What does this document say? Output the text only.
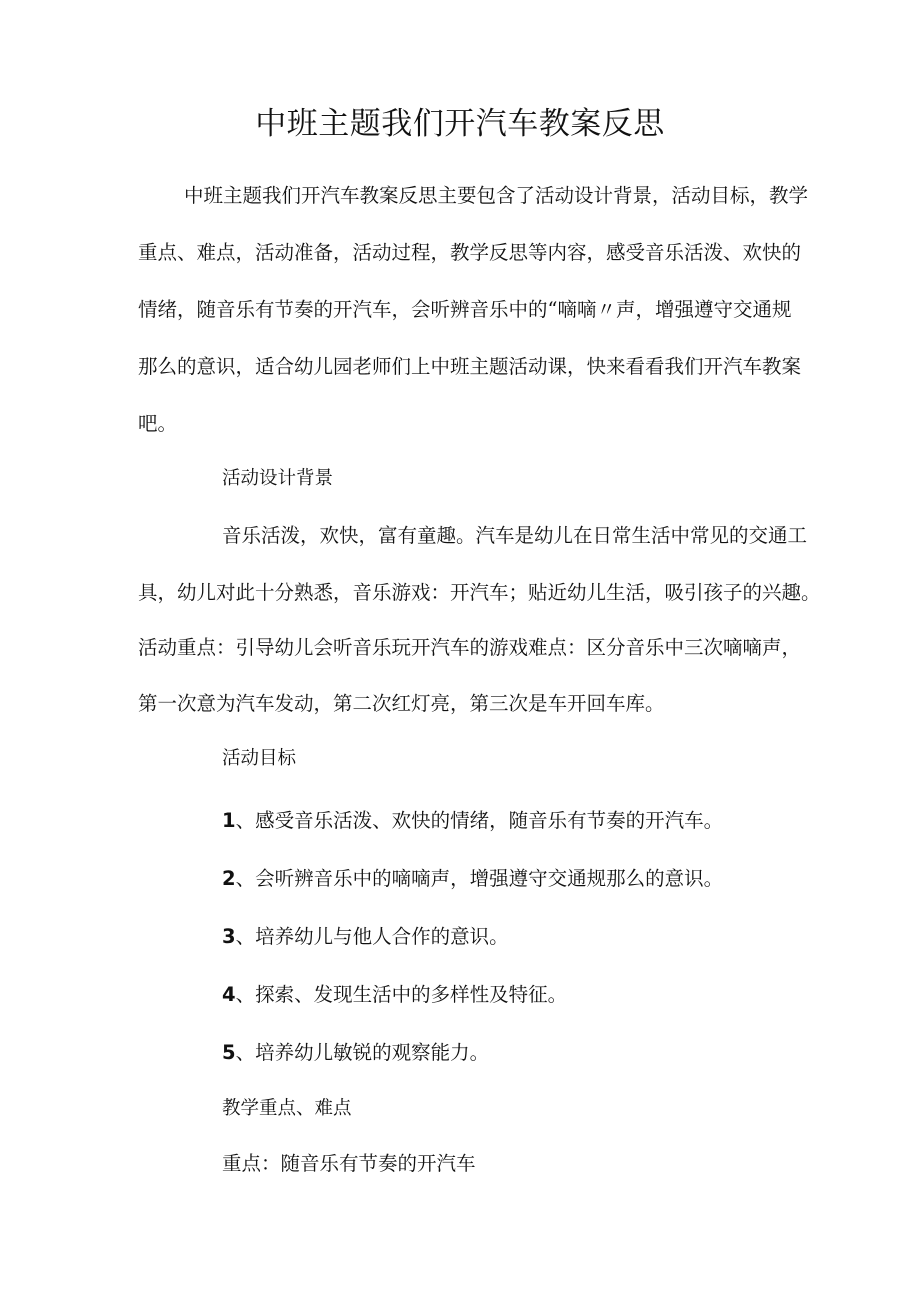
中班主题我们开汽车教案反思
中班主题我们开汽车教案反思主要包含了活动设计背景，活动目标，教学
重点、难点，活动准备，活动过程，教学反思等内容，感受音乐活泼、欢快的
情绪，随音乐有节奏的开汽车，会听辨音乐中的“嘀嘀〃声，增强遵守交通规
那么的意识，适合幼儿园老师们上中班主题活动课，快来看看我们开汽车教案
吧。
活动设计背景
音乐活泼，欢快，富有童趣。汽车是幼儿在日常生活中常见的交通工
具，幼儿对此十分熟悉，音乐游戏：开汽车；贴近幼儿生活，吸引孩子的兴趣。
活动重点：引导幼儿会听音乐玩开汽车的游戏难点：区分音乐中三次嘀嘀声，
第一次意为汽车发动，第二次红灯亮，第三次是车开回车库。
活动目标
1、感受音乐活泼、欢快的情绪，随音乐有节奏的开汽车。
2、会听辨音乐中的嘀嘀声，增强遵守交通规那么的意识。
3、培养幼儿与他人合作的意识。
4、探索、发现生活中的多样性及特征。
5、培养幼儿敏锐的观察能力。
教学重点、难点
重点：随音乐有节奏的开汽车
